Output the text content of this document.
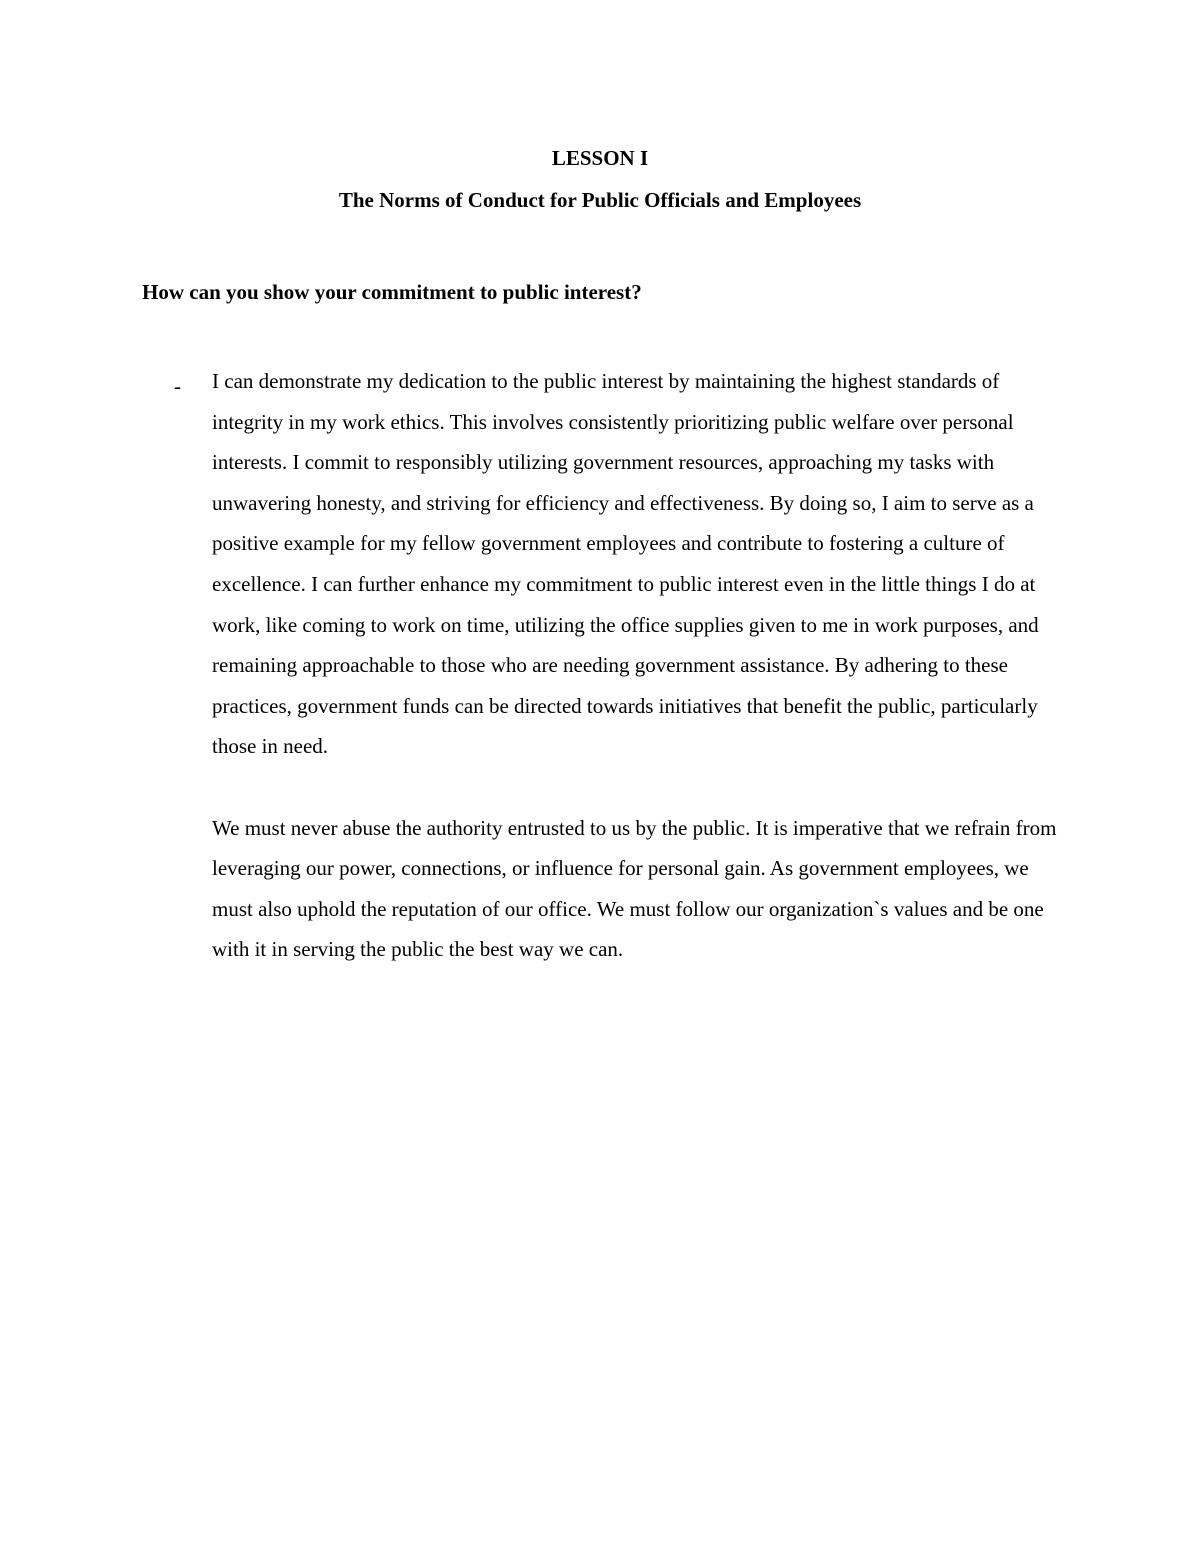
LESSON I
The Norms of Conduct for Public Officials and Employees
How can you show your commitment to public interest?
- I can demonstrate my dedication to the public interest by maintaining the highest standards of integrity in my work ethics. This involves consistently prioritizing public welfare over personal interests. I commit to responsibly utilizing government resources, approaching my tasks with unwavering honesty, and striving for efficiency and effectiveness. By doing so, I aim to serve as a positive example for my fellow government employees and contribute to fostering a culture of excellence. I can further enhance my commitment to public interest even in the little things I do at work, like coming to work on time, utilizing the office supplies given to me in work purposes, and remaining approachable to those who are needing government assistance. By adhering to these practices, government funds can be directed towards initiatives that benefit the public, particularly those in need.

We must never abuse the authority entrusted to us by the public. It is imperative that we refrain from leveraging our power, connections, or influence for personal gain. As government employees, we must also uphold the reputation of our office. We must follow our organization`s values and be one with it in serving the public the best way we can.
